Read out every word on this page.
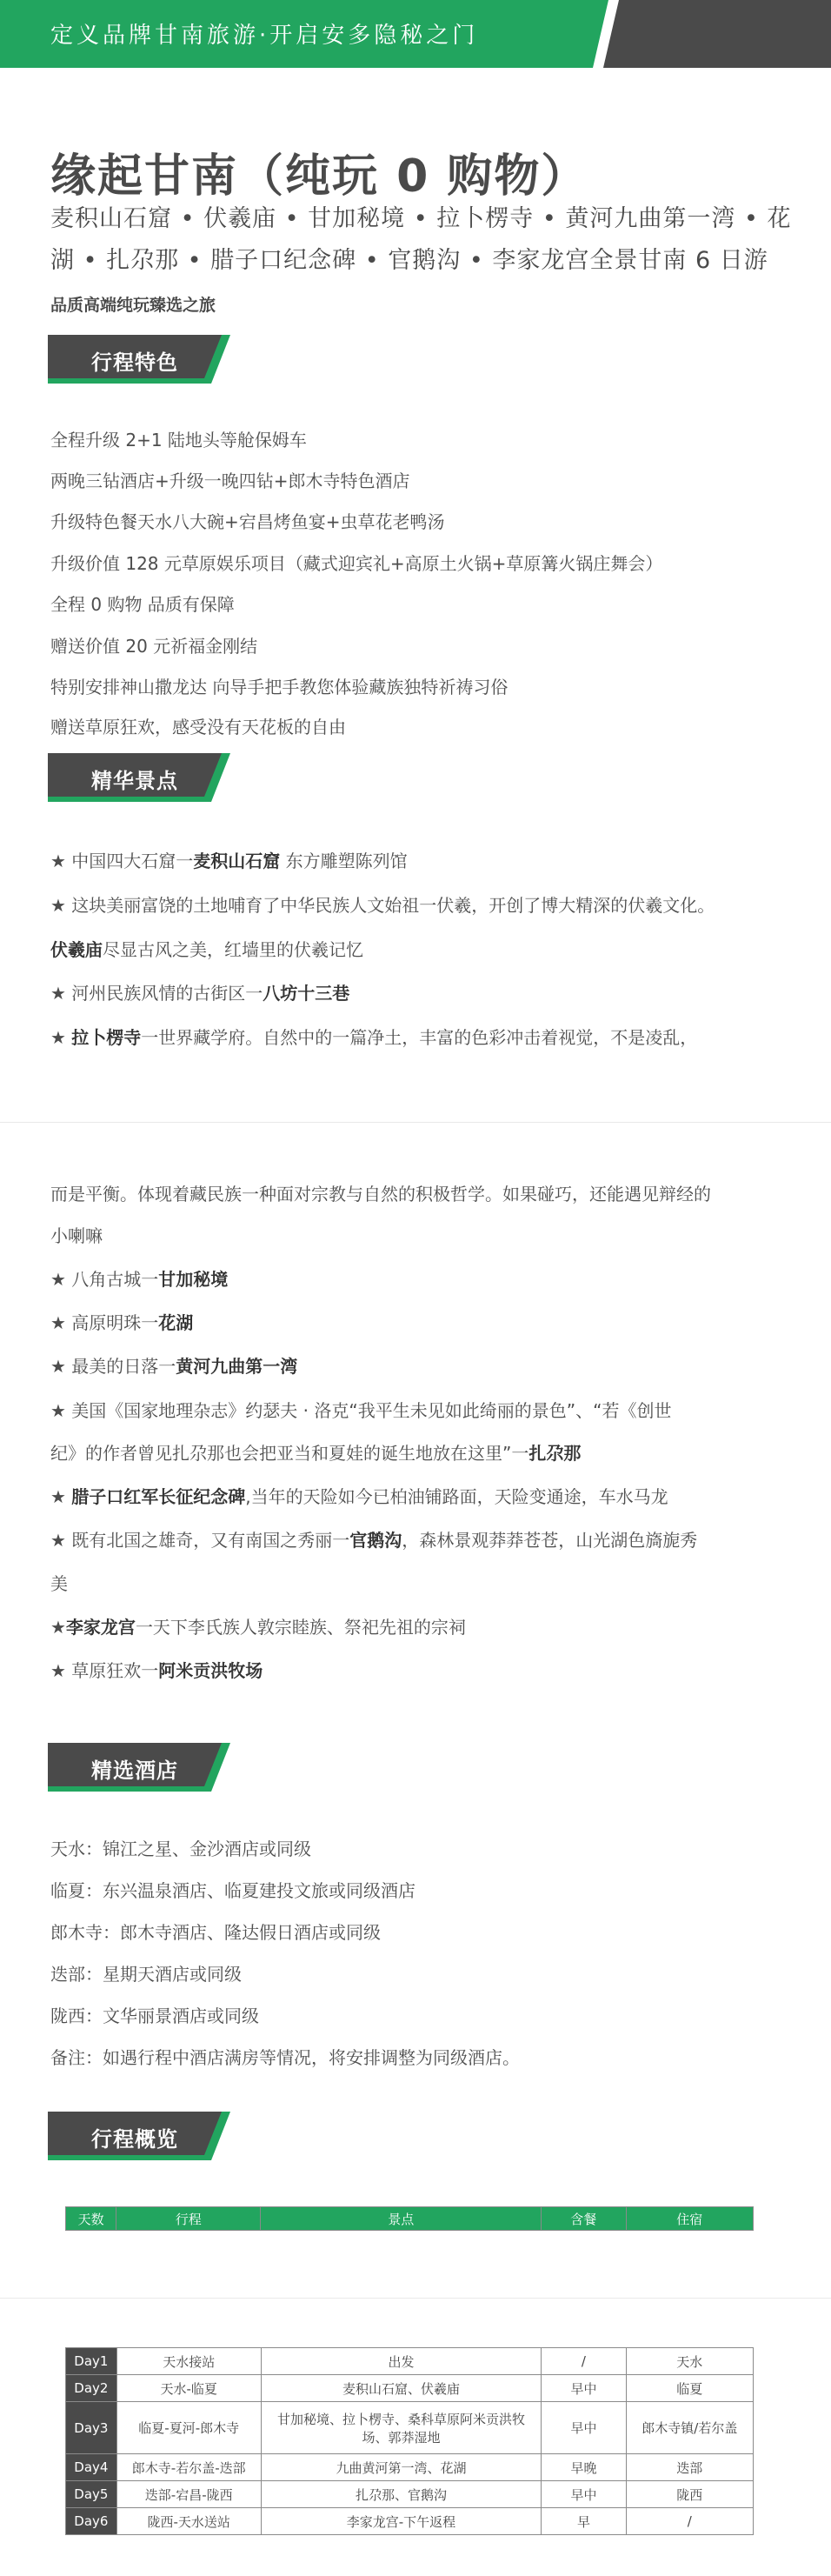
定义品牌甘南旅游·开启安多隐秘之门
缘起甘南（纯玩 0 购物）
麦积山石窟 • 伏羲庙 • 甘加秘境 • 拉卜楞寺 • 黄河九曲第一湾 • 花湖 • 扎尕那 • 腊子口纪念碑 • 官鹅沟 • 李家龙宫全景甘南 6 日游
品质高端纯玩臻选之旅
行程特色
全程升级 2+1 陆地头等舱保姆车
两晚三钻酒店+升级一晚四钻+郎木寺特色酒店
升级特色餐天水八大碗+宕昌烤鱼宴+虫草花老鸭汤
升级价值 128 元草原娱乐项目（藏式迎宾礼+高原土火锅+草原篝火锅庄舞会）
全程 0 购物 品质有保障
赠送价值 20 元祈福金刚结
特别安排神山撒龙达 向导手把手教您体验藏族独特祈祷习俗
赠送草原狂欢，感受没有天花板的自由
精华景点
★ 中国四大石窟一麦积山石窟 东方雕塑陈列馆
★ 这块美丽富饶的土地哺育了中华民族人文始祖一伏羲，开创了博大精深的伏羲文化。
伏羲庙尽显古风之美，红墙里的伏羲记忆
★ 河州民族风情的古街区一八坊十三巷
★ 拉卜楞寺一世界藏学府。自然中的一篇净土，丰富的色彩冲击着视觉，不是凌乱，
而是平衡。体现着藏民族一种面对宗教与自然的积极哲学。如果碰巧，还能遇见辩经的
小喇嘛
★ 八角古城一甘加秘境
★ 高原明珠一花湖
★ 最美的日落一黄河九曲第一湾
★ 美国《国家地理杂志》约瑟夫 · 洛克“我平生未见如此绮丽的景色”、“若《创世
纪》的作者曾见扎尕那也会把亚当和夏娃的诞生地放在这里”一扎尕那
★ 腊子口红军长征纪念碑,当年的天险如今已柏油铺路面，天险变通途，车水马龙
★ 既有北国之雄奇，又有南国之秀丽一官鹅沟，森林景观莽莽苍苍，山光湖色旖旎秀
美
★李家龙宫一天下李氏族人敦宗睦族、祭祀先祖的宗祠
★ 草原狂欢一阿米贡洪牧场
精选酒店
天水：锦江之星、金沙酒店或同级
临夏：东兴温泉酒店、临夏建投文旅或同级酒店
郎木寺：郎木寺酒店、隆达假日酒店或同级
迭部：星期天酒店或同级
陇西：文华丽景酒店或同级
备注：如遇行程中酒店满房等情况，将安排调整为同级酒店。
行程概览
天数	行程	景点	含餐	住宿
Day1	天水接站	出发	/	天水
Day2	天水-临夏	麦积山石窟、伏羲庙	早中	临夏
Day3	临夏-夏河-郎木寺	甘加秘境、拉卜楞寺、桑科草原阿米贡洪牧场、郭莽湿地	早中	郎木寺镇/若尔盖
Day4	郎木寺-若尔盖-迭部	九曲黄河第一湾、花湖	早晚	迭部
Day5	迭部-宕昌-陇西	扎尕那、官鹅沟	早中	陇西
Day6	陇西-天水送站	李家龙宫-下午返程	早	/
